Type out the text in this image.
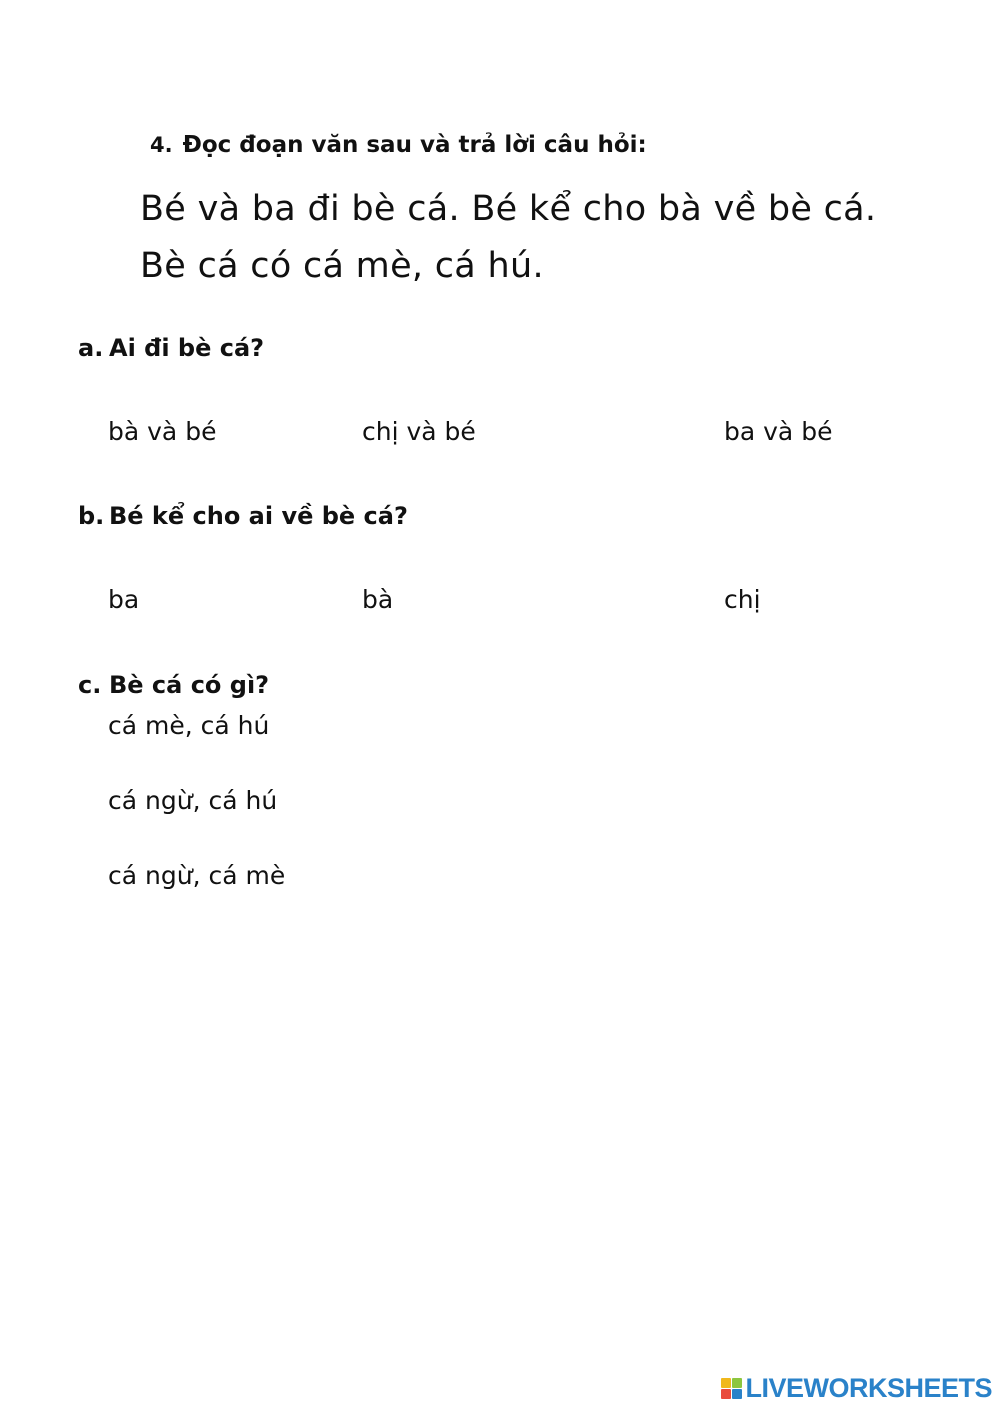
4. Đọc đoạn văn sau và trả lời câu hỏi:
Bé và ba đi bè cá. Bé kể cho bà về bè cá.
Bè cá có cá mè, cá hú.
a. Ai đi bè cá?
bà và bé	chị và bé	ba và bé
b. Bé kể cho ai về bè cá?
ba	bà	chị
c. Bè cá có gì?
cá mè, cá hú
cá ngừ, cá hú
cá ngừ, cá mè
LIVEWORKSHEETS
